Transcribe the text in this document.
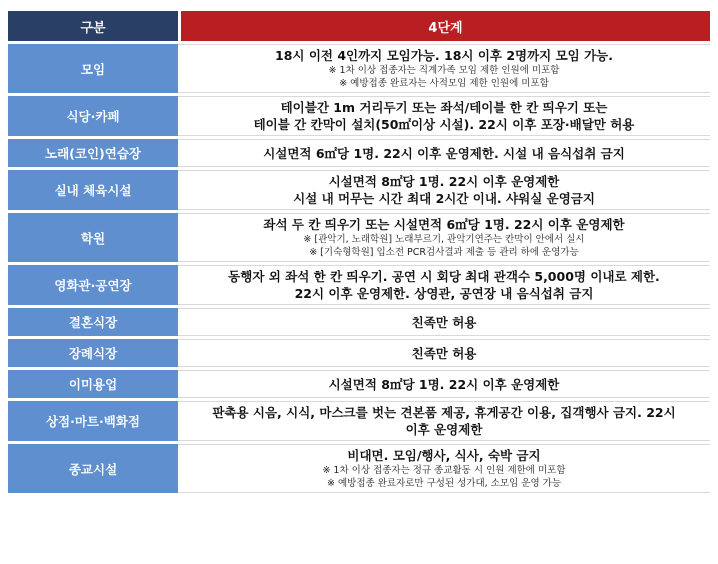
구분	4단계
모임	18시 이전 4인까지 모임가능. 18시 이후 2명까지 모임 가능.
※ 1차 이상 접종자는 직계가족 모임 제한 인원에 미포함
※ 예방접종 완료자는 사적모임 제한 인원에 미포함

식당·카페	테이블간 1m 거리두기 또는 좌석/테이블 한 칸 띄우기 또는
테이블 간 칸막이 설치(50㎡이상 시설). 22시 이후 포장·배달만 허용

노래(코인)연습장	시설면적 6㎡당 1명. 22시 이후 운영제한. 시설 내 음식섭취 금지

실내 체육시설	시설면적 8㎡당 1명. 22시 이후 운영제한
시설 내 머무는 시간 최대 2시간 이내. 샤워실 운영금지

학원	좌석 두 칸 띄우기 또는 시설면적 6㎡당 1명. 22시 이후 운영제한
※ [관악기, 노래학원] 노래부르기, 관악기연주는 칸막이 안에서 실시
※ [기숙형학원] 입소전 PCR검사결과 제출 등 관리 하에 운영가능

영화관·공연장	동행자 외 좌석 한 칸 띄우기. 공연 시 회당 최대 관객수 5,000명 이내로 제한.
22시 이후 운영제한. 상영관, 공연장 내 음식섭취 금지

결혼식장	친족만 허용

장례식장	친족만 허용

이미용업	시설면적 8㎡당 1명. 22시 이후 운영제한

상점·마트·백화점	판촉용 시음, 시식, 마스크를 벗는 견본품 제공, 휴게공간 이용, 집객행사 금지. 22시
이후 운영제한

종교시설	비대면. 모임/행사, 식사, 숙박 금지
※ 1차 이상 접종자는 정규 종교활동 시 인원 제한에 미포함
※ 예방접종 완료자로만 구성된 성가대, 소모임 운영 가능
